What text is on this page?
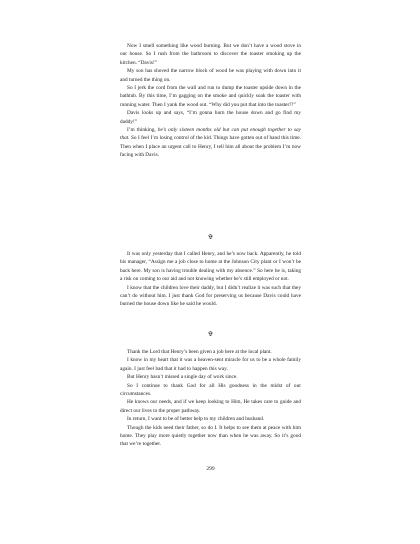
Now I smell something like wood burning. But we don’t have a wood stove in our house. So I rush from the bathroom to discover the toaster smoking up the kitchen. “Davis!”

My son has shoved the narrow block of wood he was playing with down into it and turned the thing on.

So I jerk the cord from the wall and run to dump the toaster upside down in the bathtub. By this time, I’m gagging on the smoke and quickly soak the toaster with running water. Then I yank the wood out. “Why did you put that into the toaster!?”

Davis looks up and says, “I’m gonna burn the house down and go find my daddy!”

I’m thinking, he’s only sixteen months old but can put enough together to say that. So I feel I’m losing control of the kid. Things have gotten out of hand this time. Then when I place an urgent call to Henry, I tell him all about the problem I’m now facing with Davis.

✞

It was only yesterday that I called Henry, and he’s now back. Apparently, he told his manager, “Assign me a job close to home at the Johnson City plant or I won’t be back here. My son is having trouble dealing with my absence.” So here he is, taking a risk on coming to our aid and not knowing whether he’s still employed or not.

I know that the children love their daddy, but I didn’t realize it was such that they can’t do without him. I just thank God for preserving us because Davis could have burned the house down like he said he would.

✞

Thank the Lord that Henry’s been given a job here at the local plant.

I know in my heart that it was a heaven-sent miracle for us to be a whole family again. I just feel bad that it had to happen this way.

But Henry hasn’t missed a single day of work since.

So I continue to thank God for all His goodness in the midst of our circumstances.

He knows our needs, and if we keep looking to Him, He takes care to guide and direct our lives to the proper pathway.

In return, I want to be of better help to my children and husband.

Though the kids need their father, so do I. It helps to see them at peace with him home. They play more quietly together now than when he was away. So it’s good that we’re together.

299
